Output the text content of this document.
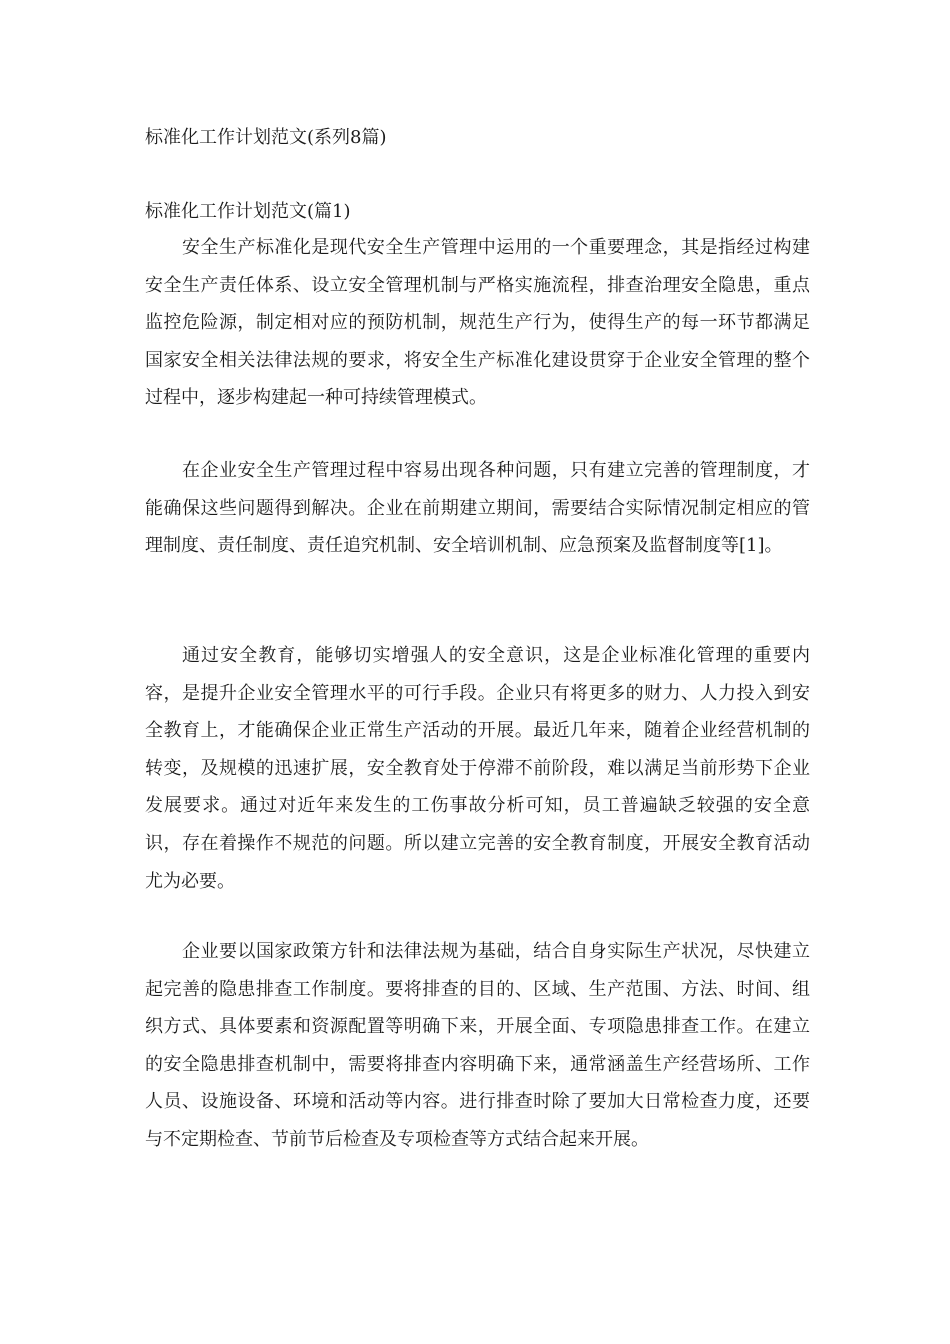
标准化工作计划范文(系列8篇)
标准化工作计划范文(篇1)

安全生产标准化是现代安全生产管理中运用的一个重要理念，其是指经过构建安全生产责任体系、设立安全管理机制与严格实施流程，排查治理安全隐患，重点监控危险源，制定相对应的预防机制，规范生产行为，使得生产的每一环节都满足国家安全相关法律法规的要求，将安全生产标准化建设贯穿于企业安全管理的整个过程中，逐步构建起一种可持续管理模式。

在企业安全生产管理过程中容易出现各种问题，只有建立完善的管理制度，才能确保这些问题得到解决。企业在前期建立期间，需要结合实际情况制定相应的管理制度、责任制度、责任追究机制、安全培训机制、应急预案及监督制度等[1]。

通过安全教育，能够切实增强人的安全意识，这是企业标准化管理的重要内容，是提升企业安全管理水平的可行手段。企业只有将更多的财力、人力投入到安全教育上，才能确保企业正常生产活动的开展。最近几年来，随着企业经营机制的转变，及规模的迅速扩展，安全教育处于停滞不前阶段，难以满足当前形势下企业发展要求。通过对近年来发生的工伤事故分析可知，员工普遍缺乏较强的安全意识，存在着操作不规范的问题。所以建立完善的安全教育制度，开展安全教育活动尤为必要。

企业要以国家政策方针和法律法规为基础，结合自身实际生产状况，尽快建立起完善的隐患排查工作制度。要将排查的目的、区域、生产范围、方法、时间、组织方式、具体要素和资源配置等明确下来，开展全面、专项隐患排查工作。在建立的安全隐患排查机制中，需要将排查内容明确下来，通常涵盖生产经营场所、工作人员、设施设备、环境和活动等内容。进行排查时除了要加大日常检查力度，还要与不定期检查、节前节后检查及专项检查等方式结合起来开展。
